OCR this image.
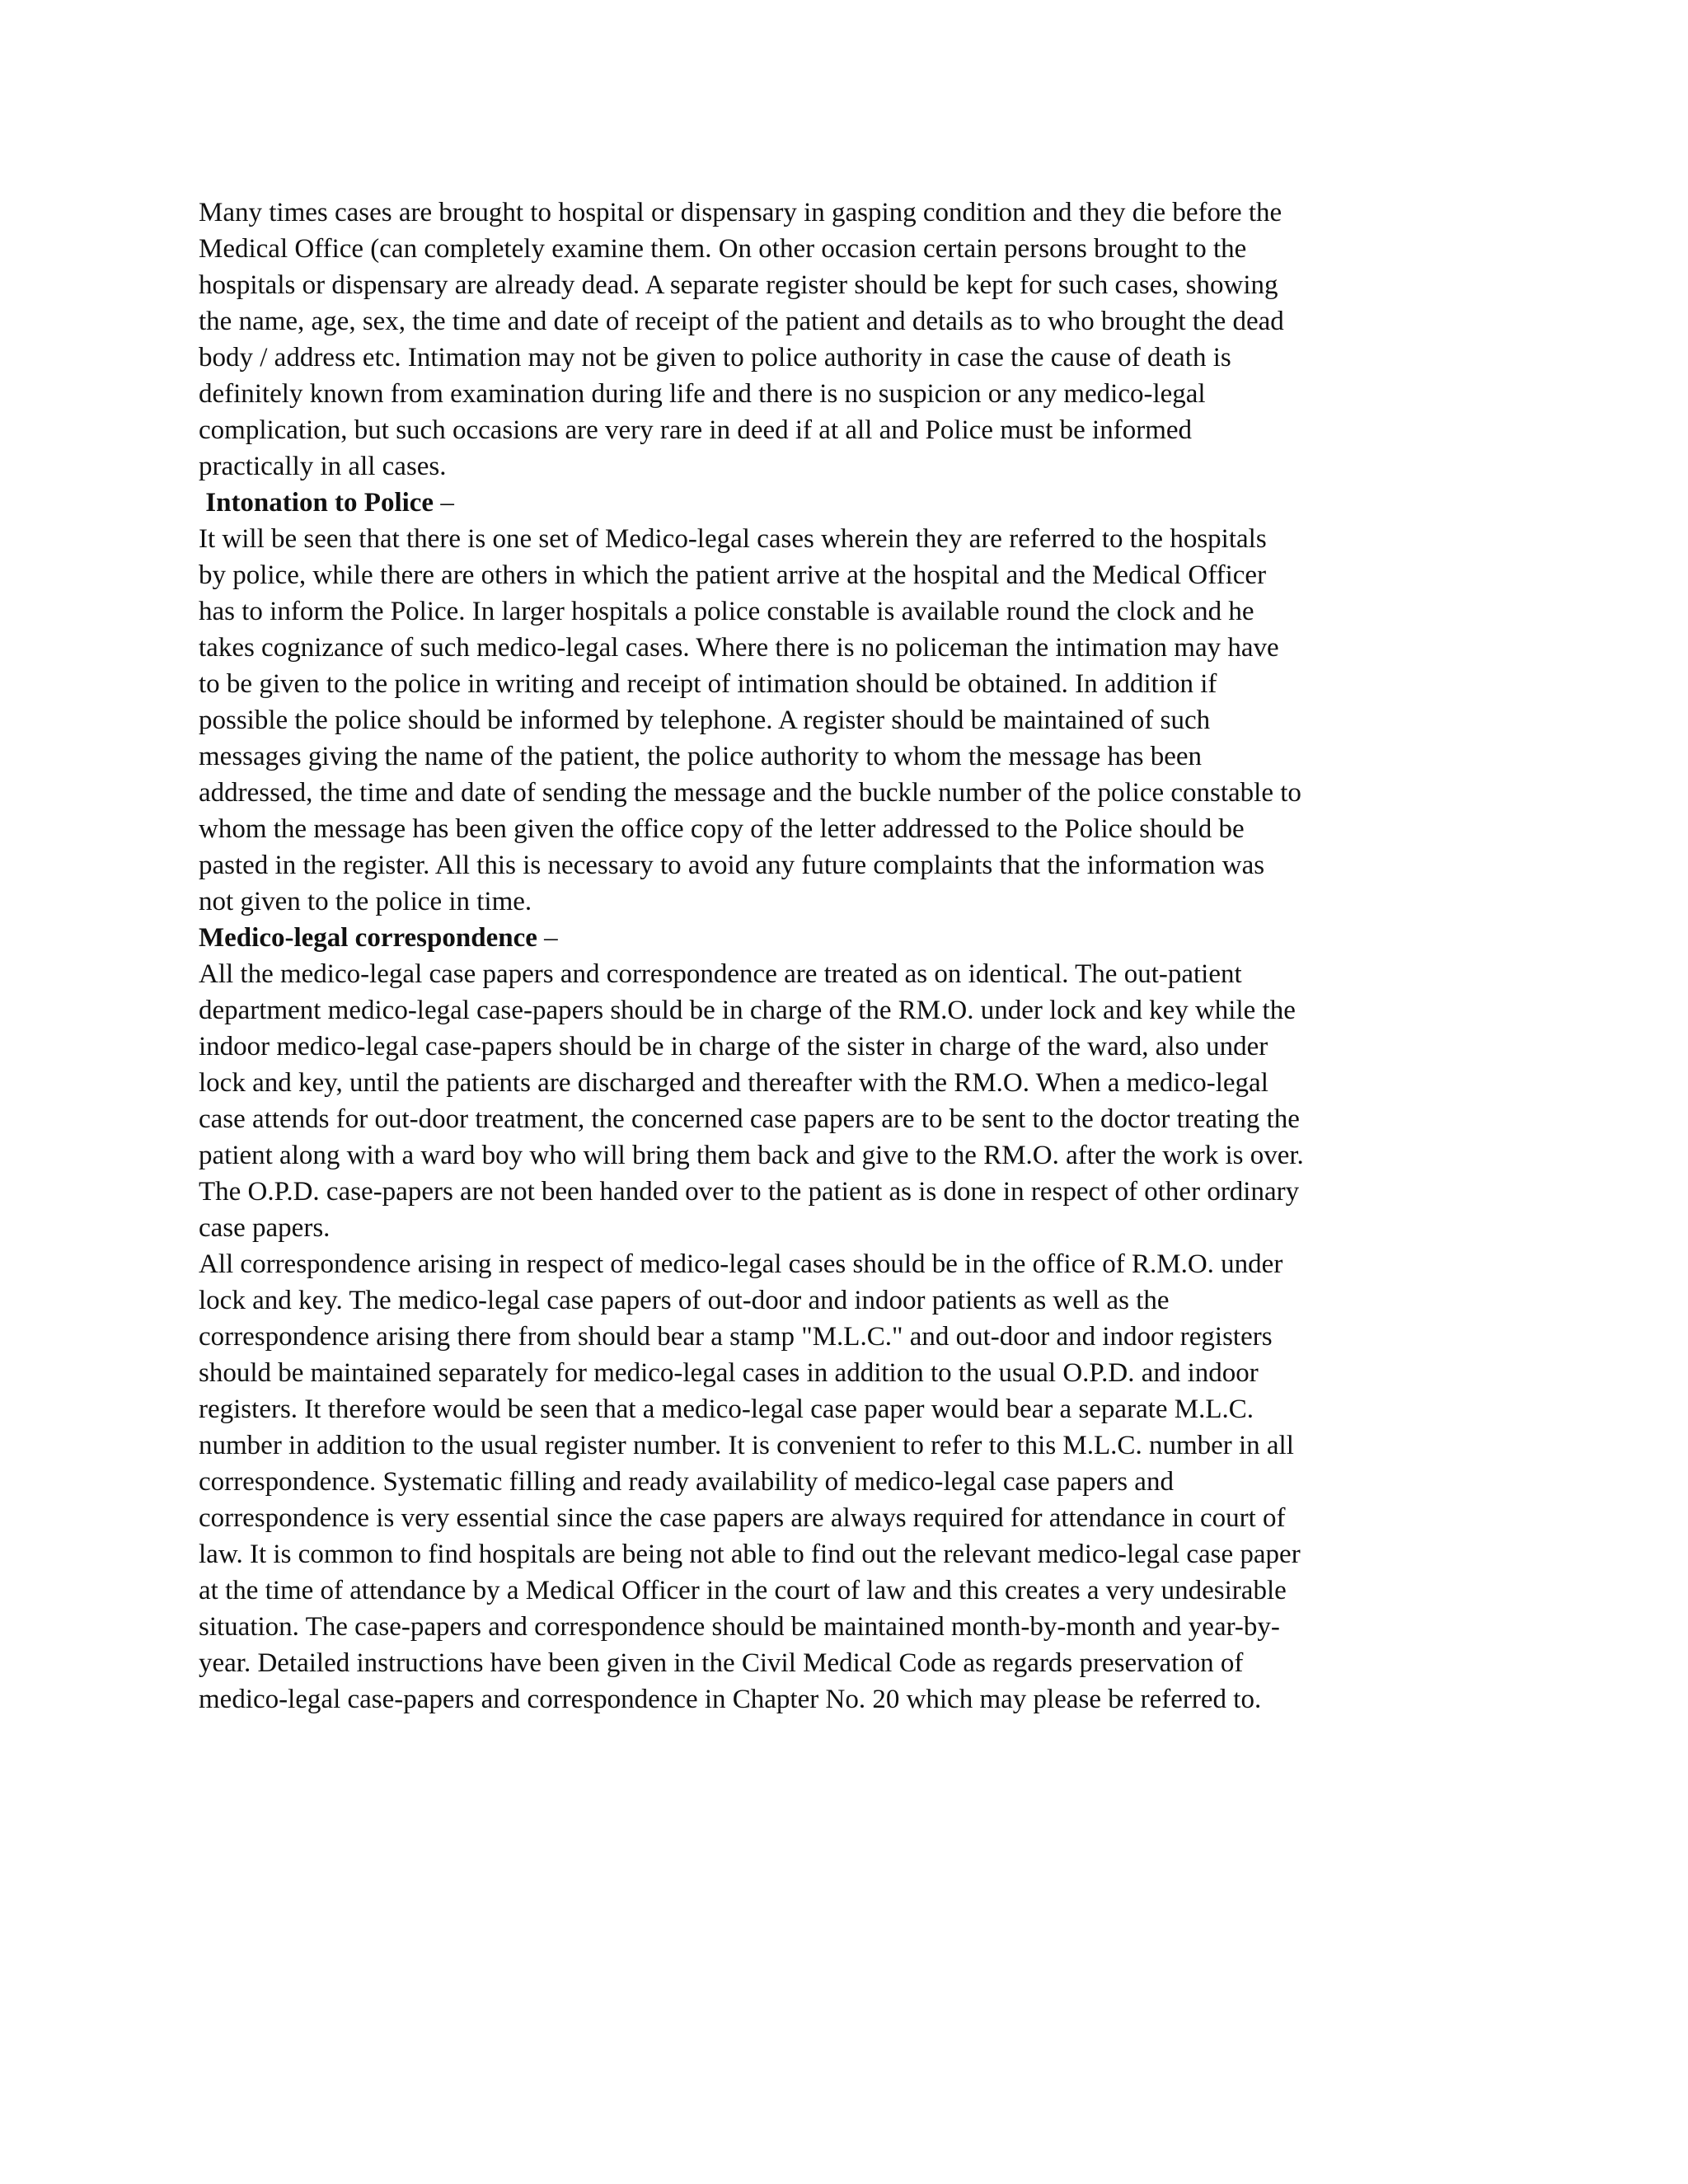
Many times cases are brought to hospital or dispensary in gasping condition and they die before the
Medical Office (can completely examine them. On other occasion certain persons brought to the
hospitals or dispensary are already dead. A separate register should be kept for such cases, showing
the name, age, sex, the time and date of receipt of the patient and details as to who brought the dead
body / address etc. Intimation may not be given to police authority in case the cause of death is
definitely known from examination during life and there is no suspicion or any medico-legal
complication, but such occasions are very rare in deed if at all and Police must be informed
practically in all cases.
Intonation to Police –
It will be seen that there is one set of Medico-legal cases wherein they are referred to the hospitals
by police, while there are others in which the patient arrive at the hospital and the Medical Officer
has to inform the Police. In larger hospitals a police constable is available round the clock and he
takes cognizance of such medico-legal cases. Where there is no policeman the intimation may have
to be given to the police in writing and receipt of intimation should be obtained. In addition if
possible the police should be informed by telephone. A register should be maintained of such
messages giving the name of the patient, the police authority to whom the message has been
addressed, the time and date of sending the message and the buckle number of the police constable to
whom the message has been given the office copy of the letter addressed to the Police should be
pasted in the register. All this is necessary to avoid any future complaints that the information was
not given to the police in time.
Medico-legal correspondence –
All the medico-legal case papers and correspondence are treated as on identical. The out-patient
department medico-legal case-papers should be in charge of the RM.O. under lock and key while the
indoor medico-legal case-papers should be in charge of the sister in charge of the ward, also under
lock and key, until the patients are discharged and thereafter with the RM.O. When a medico-legal
case attends for out-door treatment, the concerned case papers are to be sent to the doctor treating the
patient along with a ward boy who will bring them back and give to the RM.O. after the work is over.
The O.P.D. case-papers are not been handed over to the patient as is done in respect of other ordinary
case papers.
All correspondence arising in respect of medico-legal cases should be in the office of R.M.O. under
lock and key. The medico-legal case papers of out-door and indoor patients as well as the
correspondence arising there from should bear a stamp "M.L.C." and out-door and indoor registers
should be maintained separately for medico-legal cases in addition to the usual O.P.D. and indoor
registers. It therefore would be seen that a medico-legal case paper would bear a separate M.L.C.
number in addition to the usual register number. It is convenient to refer to this M.L.C. number in all
correspondence. Systematic filling and ready availability of medico-legal case papers and
correspondence is very essential since the case papers are always required for attendance in court of
law. It is common to find hospitals are being not able to find out the relevant medico-legal case paper
at the time of attendance by a Medical Officer in the court of law and this creates a very undesirable
situation. The case-papers and correspondence should be maintained month-by-month and year-by-
year. Detailed instructions have been given in the Civil Medical Code as regards preservation of
medico-legal case-papers and correspondence in Chapter No. 20 which may please be referred to.
